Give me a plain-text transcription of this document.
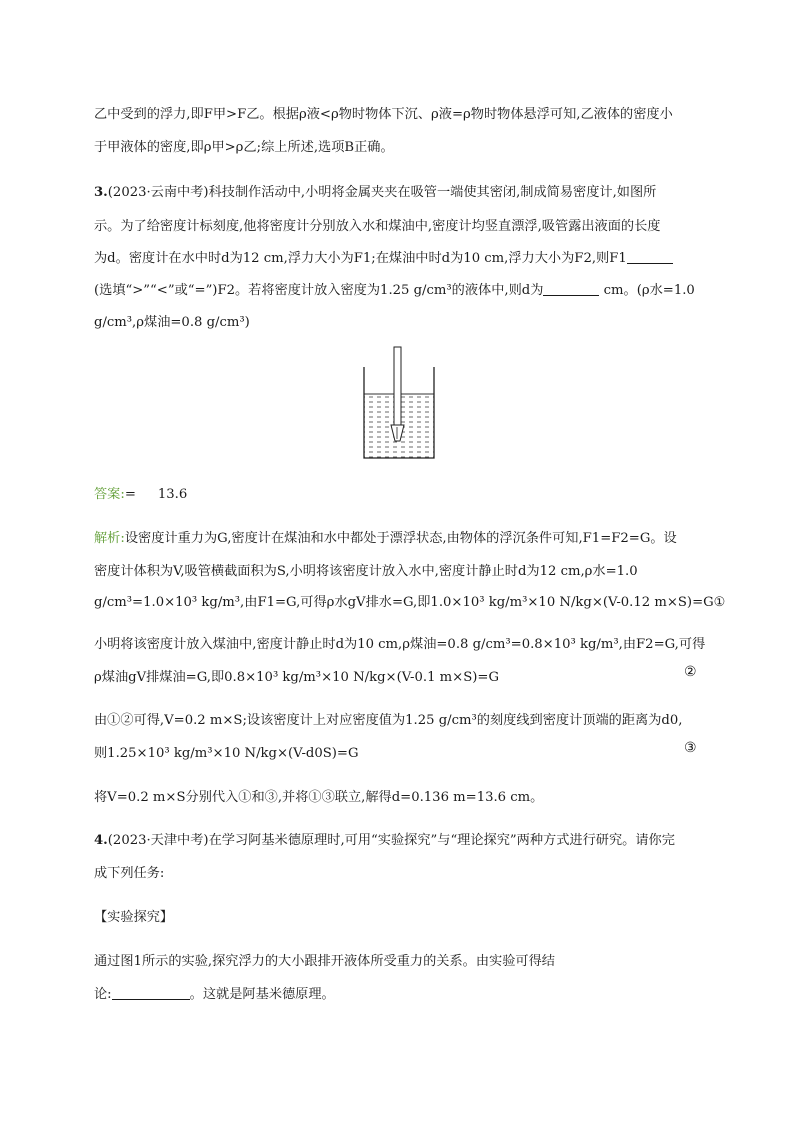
乙中受到的浮力,即F甲>F乙。根据ρ液<ρ物时物体下沉、ρ液=ρ物时物体悬浮可知,乙液体的密度小
于甲液体的密度,即ρ甲>ρ乙;综上所述,选项B正确。
3.(2023·云南中考)科技制作活动中,小明将金属夹夹在吸管一端使其密闭,制成简易密度计,如图所
示。为了给密度计标刻度,他将密度计分别放入水和煤油中,密度计均竖直漂浮,吸管露出液面的长度
为d。密度计在水中时d为12 cm,浮力大小为F1;在煤油中时d为10 cm,浮力大小为F2,则F1
(选填“>”“<”或“=”)F2。若将密度计放入密度为1.25 g/cm³的液体中,则d为	cm。(ρ水=1.0
g/cm³,ρ煤油=0.8 g/cm³)
答案:= 13.6
解析:设密度计重力为G,密度计在煤油和水中都处于漂浮状态,由物体的浮沉条件可知,F1=F2=G。设
密度计体积为V,吸管横截面积为S,小明将该密度计放入水中,密度计静止时d为12 cm,ρ水=1.0
g/cm³=1.0×10³ kg/m³,由F1=G,可得ρ水gV排水=G,即1.0×10³ kg/m³×10 N/kg×(V-0.12 m×S)=G①
小明将该密度计放入煤油中,密度计静止时d为10 cm,ρ煤油=0.8 g/cm³=0.8×10³ kg/m³,由F2=G,可得
ρ煤油gV排煤油=G,即0.8×10³ kg/m³×10 N/kg×(V-0.1 m×S)=G	②
由①②可得,V=0.2 m×S;设该密度计上对应密度值为1.25 g/cm³的刻度线到密度计顶端的距离为d0,
则1.25×10³ kg/m³×10 N/kg×(V-d0S)=G	③
将V=0.2 m×S分别代入①和③,并将①③联立,解得d=0.136 m=13.6 cm。
4.(2023·天津中考)在学习阿基米德原理时,可用“实验探究”与“理论探究”两种方式进行研究。请你完
成下列任务:
【实验探究】
通过图1所示的实验,探究浮力的大小跟排开液体所受重力的关系。由实验可得结
论:	。这就是阿基米德原理。
